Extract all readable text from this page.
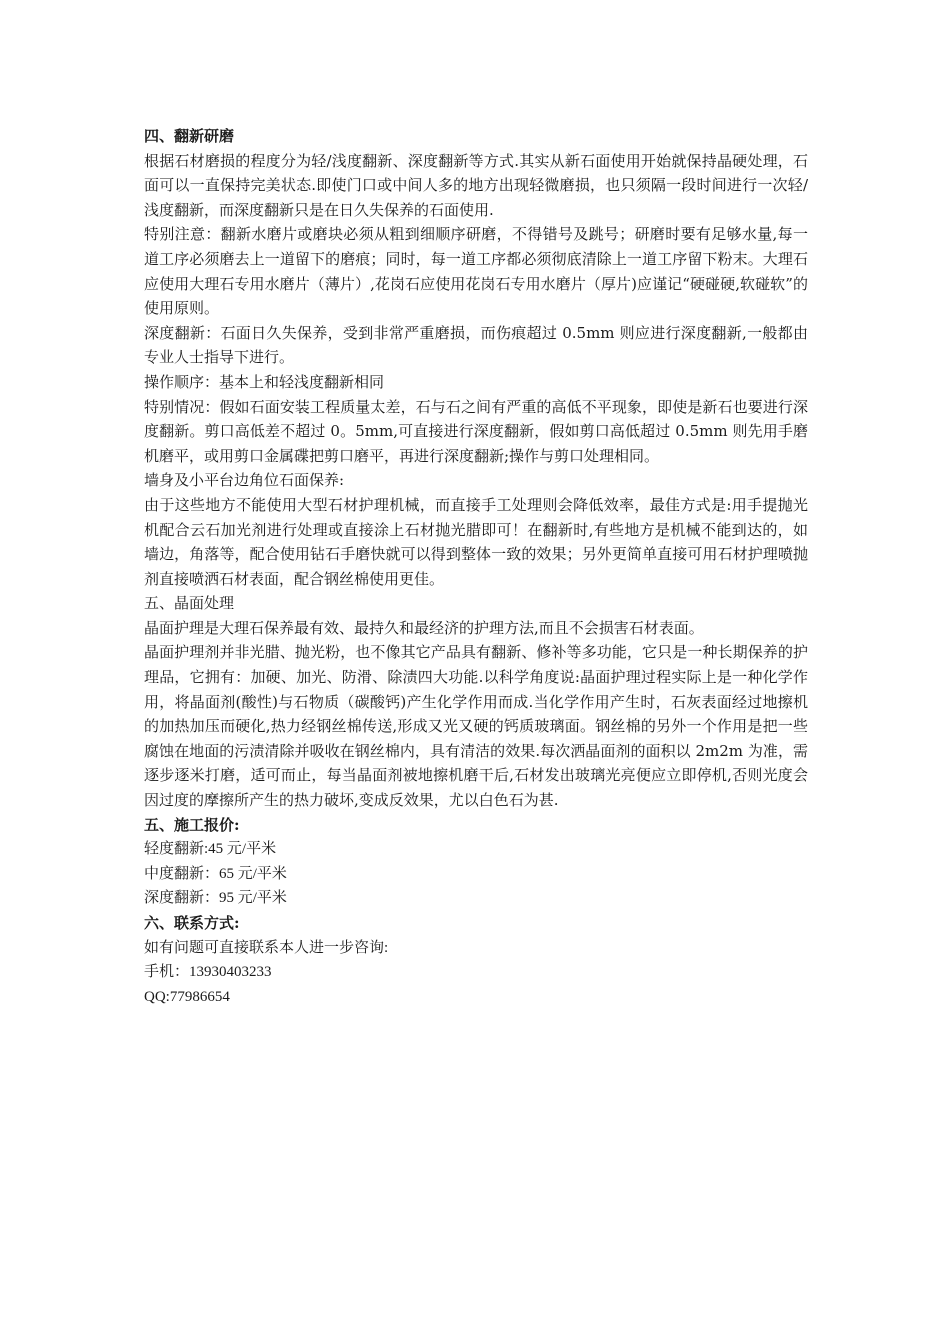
四、翻新研磨

根据石材磨损的程度分为轻/浅度翻新、深度翻新等方式.其实从新石面使用开始就保持晶硬处理，石面可以一直保持完美状态.即使门口或中间人多的地方出现轻微磨损，也只须隔一段时间进行一次轻/浅度翻新，而深度翻新只是在日久失保养的石面使用.

特别注意：翻新水磨片或磨块必须从粗到细顺序研磨，不得错号及跳号；研磨时要有足够水量,每一道工序必须磨去上一道留下的磨痕；同时，每一道工序都必须彻底清除上一道工序留下粉末。大理石应使用大理石专用水磨片（薄片）,花岗石应使用花岗石专用水磨片（厚片)应谨记“硬碰硬,软碰软”的使用原则。

深度翻新：石面日久失保养，受到非常严重磨损，而伤痕超过 0.5mm 则应进行深度翻新,一般都由专业人士指导下进行。

操作顺序：基本上和轻浅度翻新相同

特别情况：假如石面安装工程质量太差，石与石之间有严重的高低不平现象，即使是新石也要进行深度翻新。剪口高低差不超过 0。5mm,可直接进行深度翻新，假如剪口高低超过 0.5mm 则先用手磨机磨平，或用剪口金属碟把剪口磨平，再进行深度翻新;操作与剪口处理相同。

墙身及小平台边角位石面保养:

由于这些地方不能使用大型石材护理机械，而直接手工处理则会降低效率，最佳方式是:用手提抛光机配合云石加光剂进行处理或直接涂上石材抛光腊即可！在翻新时,有些地方是机械不能到达的，如墙边，角落等，配合使用钻石手磨快就可以得到整体一致的效果；另外更简单直接可用石材护理喷抛剂直接喷洒石材表面，配合钢丝棉使用更佳。

五、晶面处理

晶面护理是大理石保养最有效、最持久和最经济的护理方法,而且不会损害石材表面。

晶面护理剂并非光腊、抛光粉，也不像其它产品具有翻新、修补等多功能，它只是一种长期保养的护理品，它拥有：加硬、加光、防滑、除渍四大功能.以科学角度说:晶面护理过程实际上是一种化学作用，将晶面剂(酸性)与石物质（碳酸钙)产生化学作用而成.当化学作用产生时，石灰表面经过地擦机的加热加压而硬化,热力经钢丝棉传送,形成又光又硬的钙质玻璃面。钢丝棉的另外一个作用是把一些腐蚀在地面的污渍清除并吸收在钢丝棉内，具有清洁的效果.每次洒晶面剂的面积以 2m2m 为准，需逐步逐米打磨，适可而止，每当晶面剂被地擦机磨干后,石材发出玻璃光亮便应立即停机,否则光度会因过度的摩擦所产生的热力破坏,变成反效果，尤以白色石为甚.

五、施工报价:

轻度翻新:45 元/平米

中度翻新：65 元/平米

深度翻新：95 元/平米

六、联系方式:

如有问题可直接联系本人进一步咨询:

手机：13930403233

QQ:77986654
